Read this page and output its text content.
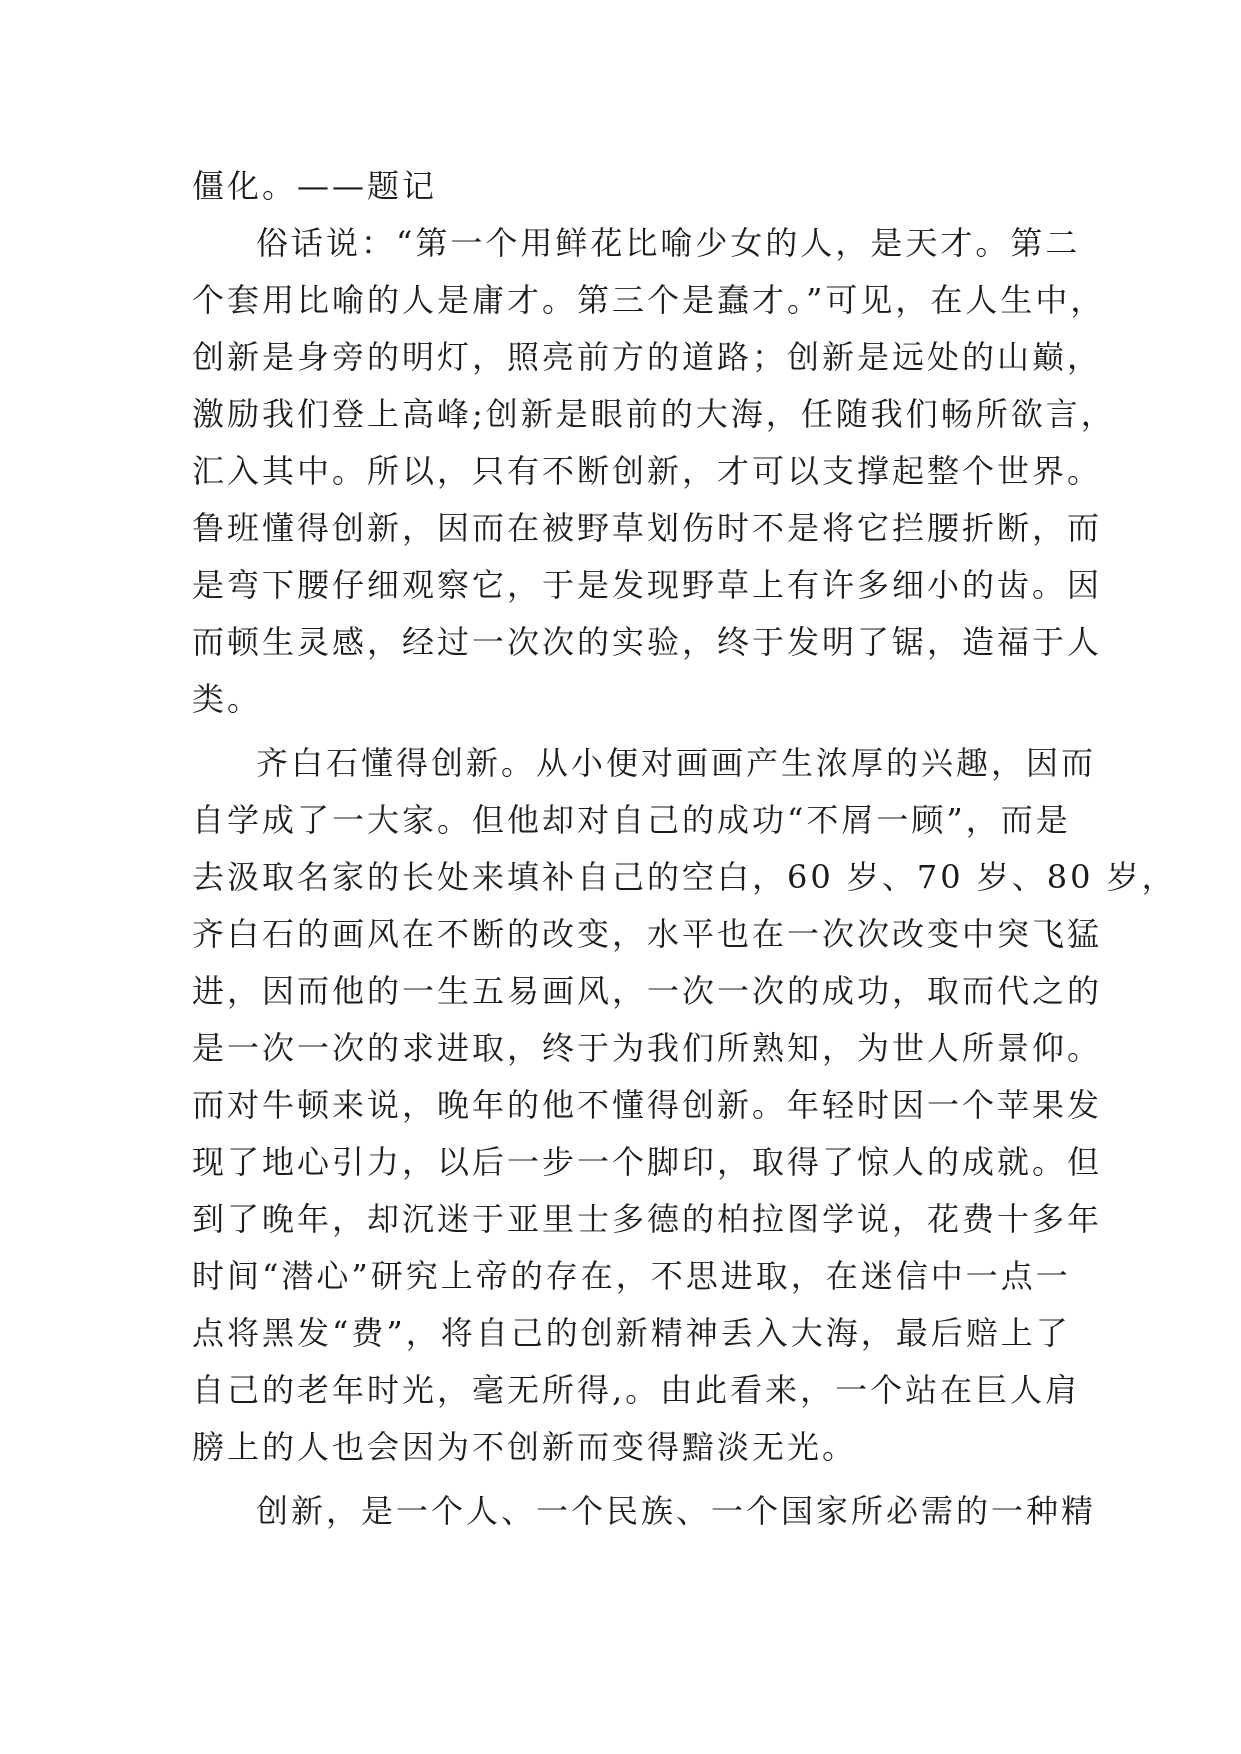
僵化。——题记
俗话说：“第一个用鲜花比喻少女的人，是天才。第二
个套用比喻的人是庸才。第三个是蠢才。”可见，在人生中，
创新是身旁的明灯，照亮前方的道路；创新是远处的山巅，
激励我们登上高峰;创新是眼前的大海，任随我们畅所欲言，
汇入其中。所以，只有不断创新，才可以支撑起整个世界。
鲁班懂得创新，因而在被野草划伤时不是将它拦腰折断，而
是弯下腰仔细观察它，于是发现野草上有许多细小的齿。因
而顿生灵感，经过一次次的实验，终于发明了锯，造福于人
类。
齐白石懂得创新。从小便对画画产生浓厚的兴趣，因而
自学成了一大家。但他却对自己的成功“不屑一顾”，而是
去汲取名家的长处来填补自己的空白，60 岁、70 岁、80 岁，
齐白石的画风在不断的改变，水平也在一次次改变中突飞猛
进，因而他的一生五易画风，一次一次的成功，取而代之的
是一次一次的求进取，终于为我们所熟知，为世人所景仰。
而对牛顿来说，晚年的他不懂得创新。年轻时因一个苹果发
现了地心引力，以后一步一个脚印，取得了惊人的成就。但
到了晚年，却沉迷于亚里士多德的柏拉图学说，花费十多年
时间“潜心”研究上帝的存在，不思进取，在迷信中一点一
点将黑发“费”，将自己的创新精神丢入大海，最后赔上了
自己的老年时光，毫无所得,。由此看来，一个站在巨人肩
膀上的人也会因为不创新而变得黯淡无光。
创新，是一个人、一个民族、一个国家所必需的一种精
